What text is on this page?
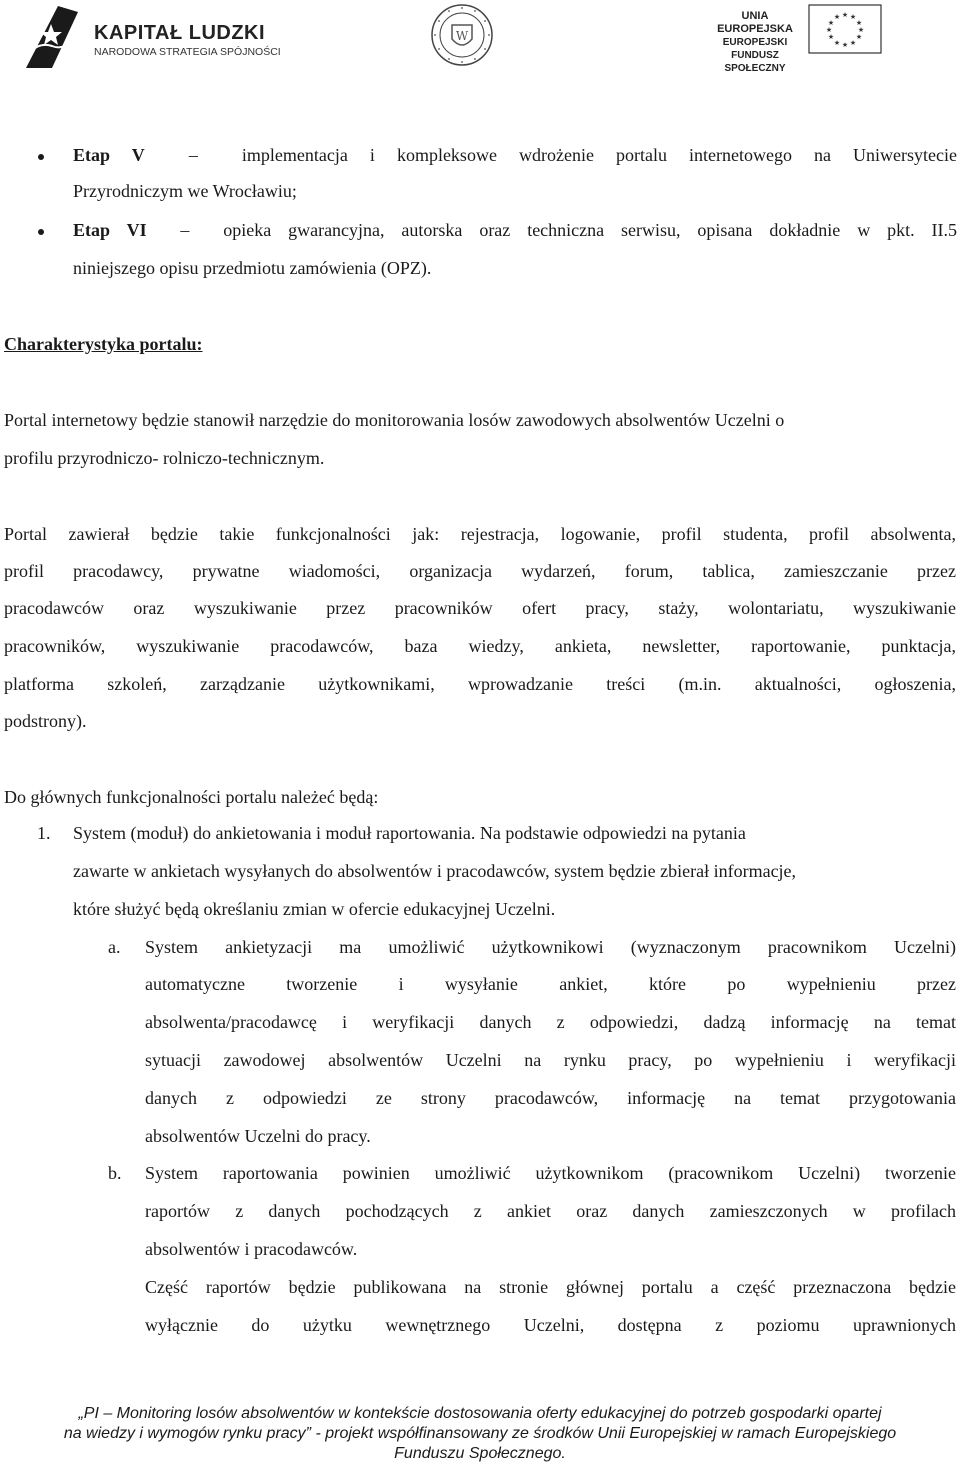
KAPITAŁ LUDZKI
NARODOWA STRATEGIA SPÓJNOŚCI
W
UNIA EUROPEJSKA
EUROPEJSKI
FUNDUSZ SPOŁECZNY
★ ★
★
★
★
★
★
★
★
★
★
★
Etap V  –  implementacja i kompleksowe wdrożenie portalu internetowego na Uniwersytecie
Przyrodniczym we Wrocławiu;
Etap VI  –  opieka gwarancyjna, autorska oraz techniczna serwisu, opisana dokładnie w pkt. II.5
niniejszego opisu przedmiotu zamówienia (OPZ).
Charakterystyka portalu:
Portal internetowy będzie stanowił narzędzie do monitorowania losów zawodowych absolwentów Uczelni o
profilu przyrodniczo- rolniczo-technicznym.
Portal zawierał będzie takie funkcjonalności jak: rejestracja, logowanie, profil studenta, profil absolwenta,
profil pracodawcy, prywatne wiadomości, organizacja wydarzeń, forum, tablica, zamieszczanie przez
pracodawców oraz wyszukiwanie przez pracowników ofert pracy, staży, wolontariatu, wyszukiwanie
pracowników, wyszukiwanie pracodawców, baza wiedzy, ankieta, newsletter, raportowanie, punktacja,
platforma szkoleń, zarządzanie użytkownikami, wprowadzanie treści (m.in. aktualności, ogłoszenia,
podstrony).
Do głównych funkcjonalności portalu należeć będą:
1. System (moduł) do ankietowania i moduł raportowania. Na podstawie odpowiedzi na pytania
zawarte w ankietach wysyłanych do absolwentów i pracodawców, system będzie zbierał informacje,
które służyć będą określaniu zmian w ofercie edukacyjnej Uczelni.
a. System ankietyzacji ma umożliwić użytkownikowi (wyznaczonym pracownikom Uczelni)
automatyczne tworzenie i wysyłanie ankiet, które po wypełnieniu przez
absolwenta/pracodawcę i weryfikacji danych z odpowiedzi, dadzą informację na temat
sytuacji zawodowej absolwentów Uczelni na rynku pracy, po wypełnieniu i weryfikacji
danych z odpowiedzi ze strony pracodawców, informację na temat przygotowania
absolwentów Uczelni do pracy.
b. System raportowania powinien umożliwić użytkownikom (pracownikom Uczelni) tworzenie
raportów z danych pochodzących z ankiet oraz danych zamieszczonych w profilach
absolwentów i pracodawców.
Część raportów będzie publikowana na stronie głównej portalu a część przeznaczona będzie
wyłącznie do użytku wewnętrznego Uczelni, dostępna z poziomu uprawnionych
„PI – Monitoring losów absolwentów w kontekście dostosowania oferty edukacyjnej do potrzeb gospodarki opartej
na wiedzy i wymogów rynku pracy” - projekt współfinansowany ze środków Unii Europejskiej w ramach Europejskiego
Funduszu Społecznego.
